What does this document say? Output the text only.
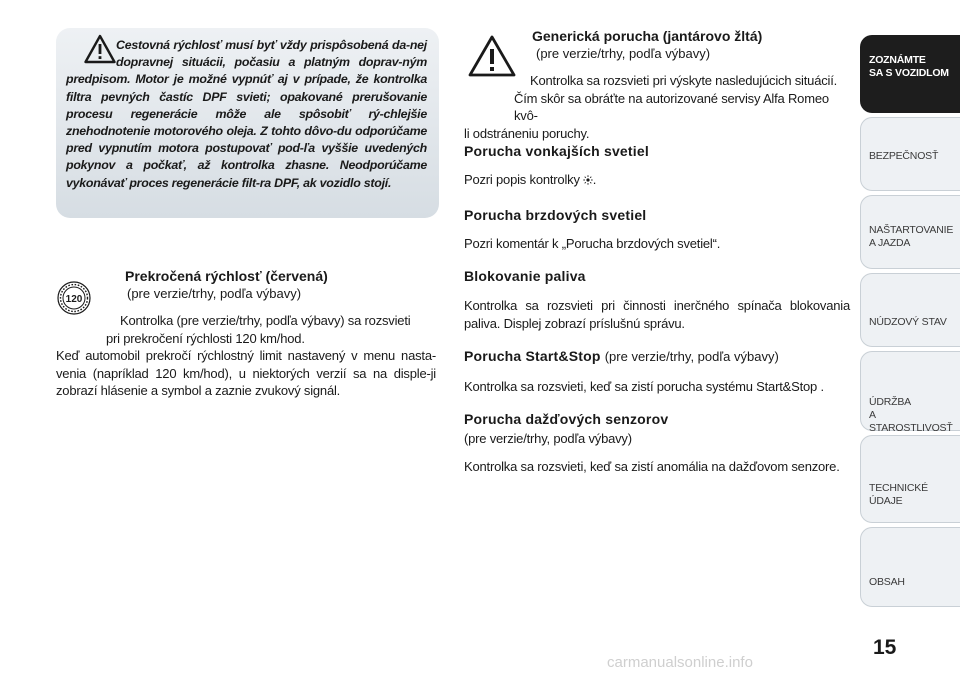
Cestovná rýchlosť musí byť vždy prispôsobená da-nej dopravnej situácii, počasiu a platným doprav-ným predpisom. Motor je možné vypnúť aj v prípade, že kontrolka filtra pevných častíc DPF svieti; opakované prerušovanie procesu regenerácie môže ale spôsobiť rý-chlejšie znehodnotenie motorového oleja. Z tohto dôvo-du odporúčame pred vypnutím motora postupovať pod-ľa vyššie uvedených pokynov a počkať, až kontrolka zhasne. Neodporúčame vykonávať proces regenerácie filt-ra DPF, ak vozidlo stojí.

120

Prekročená rýchlosť (červená)

(pre verzie/trhy, podľa výbavy)

Kontrolka (pre verzie/trhy, podľa výbavy) sa rozsvieti
pri prekročení rýchlosti 120 km/hod.
Keď automobil prekročí rýchlostný limit nastavený v menu nasta-venia (napríklad 120 km/hod), u niektorých verzií sa na disple-ji zobrazí hlásenie a symbol a zaznie zvukový signál.

Generická porucha (jantárovo žltá)

(pre verzie/trhy, podľa výbavy)

Kontrolka sa rozsvieti pri výskyte nasledujúcich situácií.
Čím skôr sa obráťte na autorizované servisy Alfa Romeo kvô-
li odstráneniu poruchy.

Porucha vonkajších svetiel

Pozri popis kontrolky .

Porucha brzdových svetiel

Pozri komentár k „Porucha brzdových svetiel“.

Blokovanie paliva

Kontrolka sa rozsvieti pri činnosti inerčného spínača blokovania paliva. Displej zobrazí príslušnú správu.

Porucha Start&Stop (pre verzie/trhy, podľa výbavy)

Kontrolka sa rozsvieti, keď sa zistí porucha systému Start&Stop .

Porucha dažďových senzorov

(pre verzie/trhy, podľa výbavy)

Kontrolka sa rozsvieti, keď sa zistí anomália na dažďovom senzore.

ZOZNÁMTE
SA S VOZIDLOM
BEZPEČNOSŤ
NAŠTARTOVANIE
A JAZDA
NÚDZOVÝ STAV
ÚDRŽBA
A STAROSTLIVOSŤ
TECHNICKÉ
ÚDAJE
OBSAH

15

carmanualsonline.info
